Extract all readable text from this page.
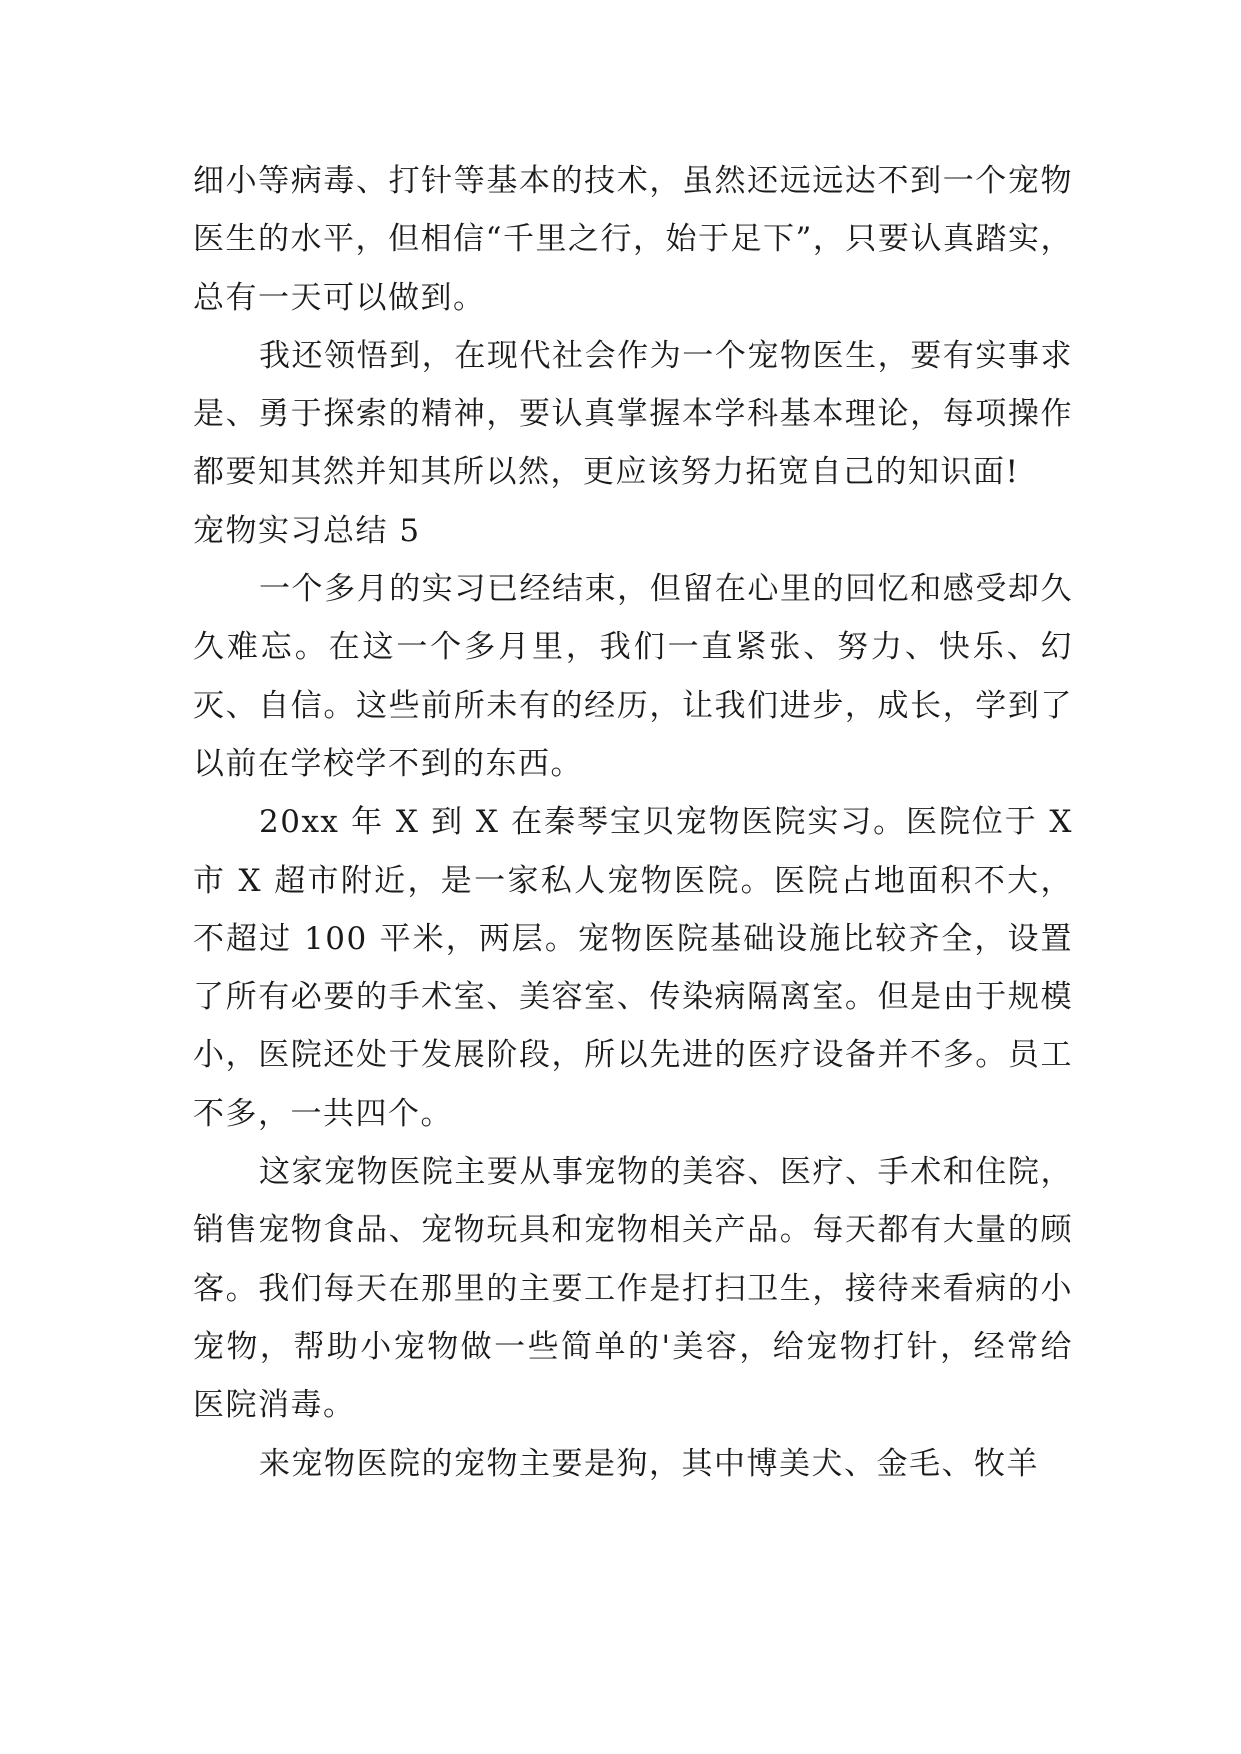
细小等病毒、打针等基本的技术，虽然还远远达不到一个宠物医生的水平，但相信“千里之行，始于足下”，只要认真踏实，总有一天可以做到。

我还领悟到，在现代社会作为一个宠物医生，要有实事求是、勇于探索的精神，要认真掌握本学科基本理论，每项操作都要知其然并知其所以然，更应该努力拓宽自己的知识面!

宠物实习总结 5

一个多月的实习已经结束，但留在心里的回忆和感受却久久难忘。在这一个多月里，我们一直紧张、努力、快乐、幻灭、自信。这些前所未有的经历，让我们进步，成长，学到了以前在学校学不到的东西。

20xx 年 X 到 X 在秦琴宝贝宠物医院实习。医院位于 X 市 X 超市附近，是一家私人宠物医院。医院占地面积不大，不超过 100 平米，两层。宠物医院基础设施比较齐全，设置了所有必要的手术室、美容室、传染病隔离室。但是由于规模小，医院还处于发展阶段，所以先进的医疗设备并不多。员工不多，一共四个。

这家宠物医院主要从事宠物的美容、医疗、手术和住院，销售宠物食品、宠物玩具和宠物相关产品。每天都有大量的顾客。我们每天在那里的主要工作是打扫卫生，接待来看病的小宠物，帮助小宠物做一些简单的'美容，给宠物打针，经常给医院消毒。

来宠物医院的宠物主要是狗，其中博美犬、金毛、牧羊
